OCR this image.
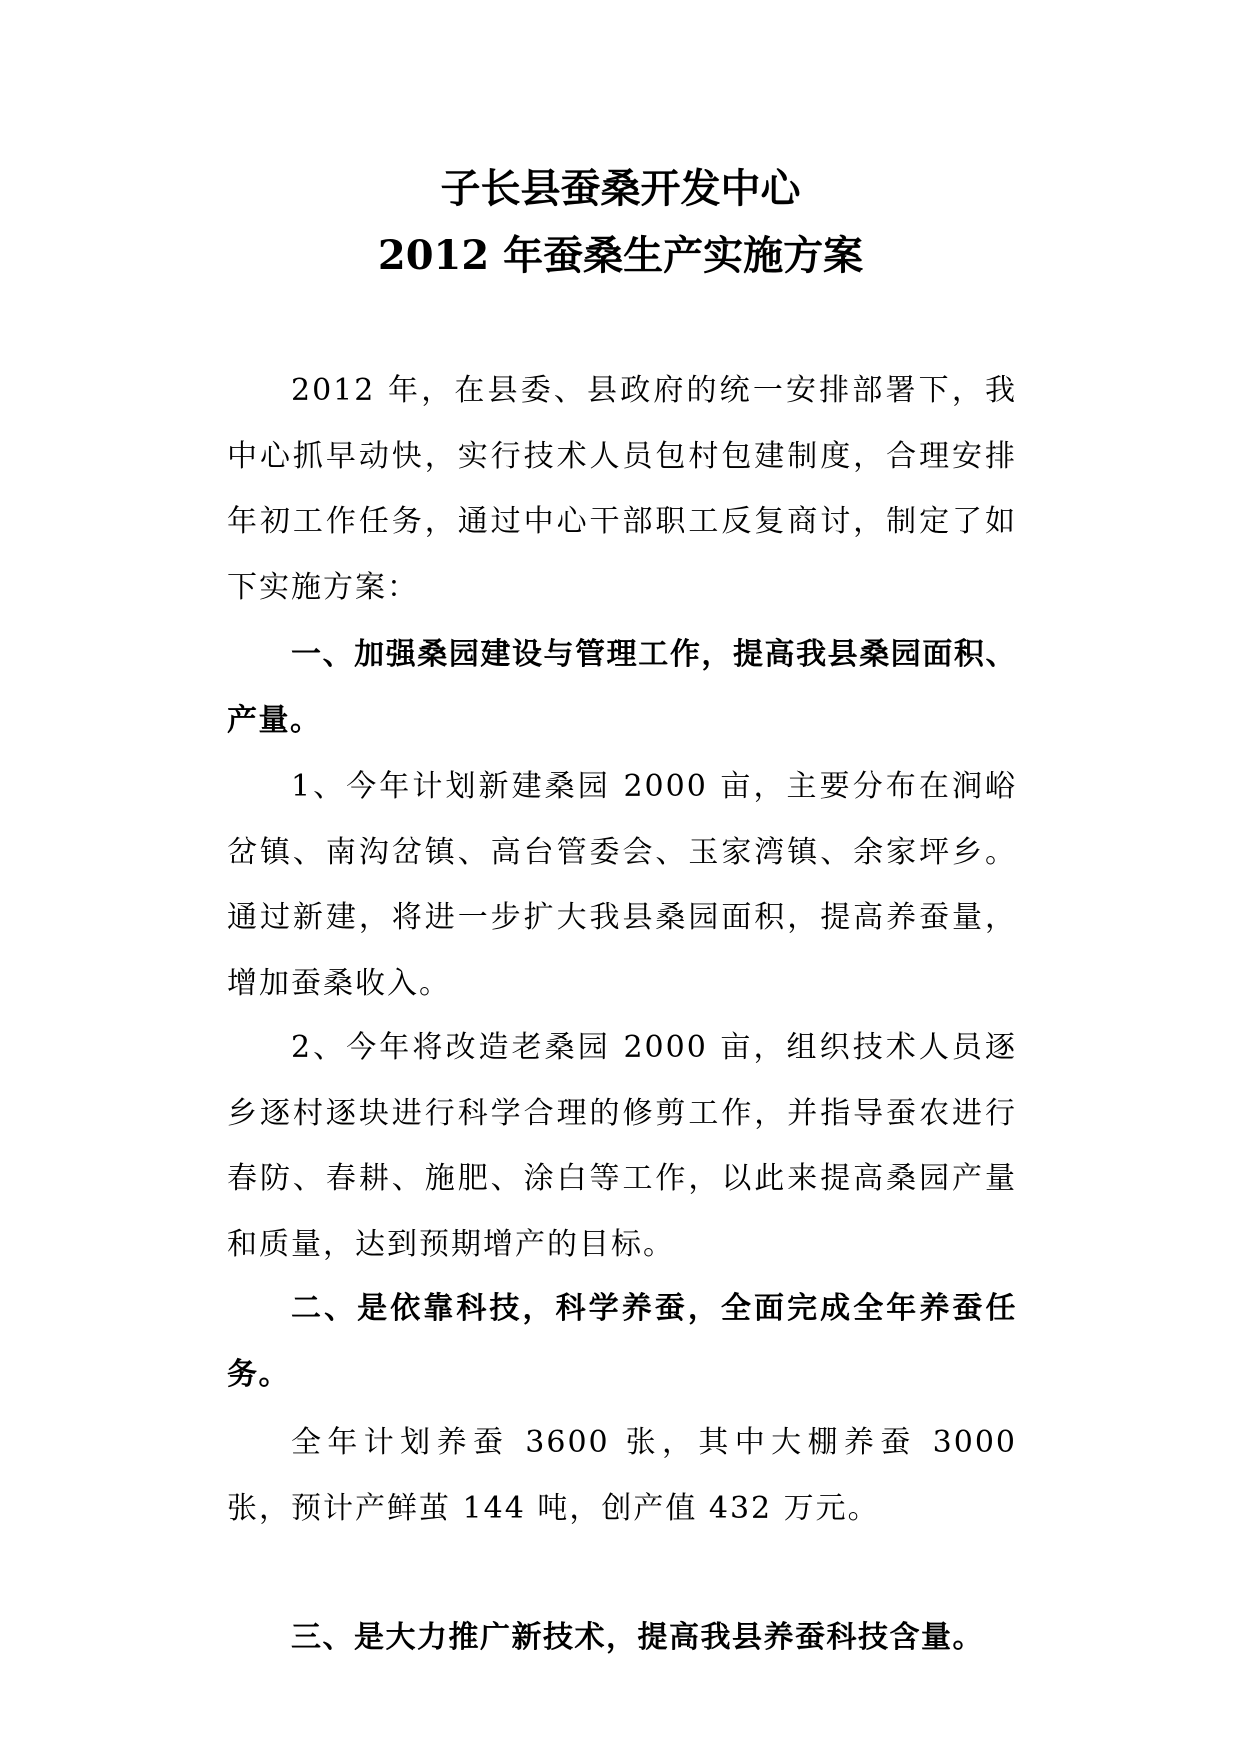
子长县蚕桑开发中心
2012 年蚕桑生产实施方案

2012 年，在县委、县政府的统一安排部署下，我中心抓早动快，实行技术人员包村包建制度，合理安排年初工作任务，通过中心干部职工反复商讨，制定了如下实施方案：

一、加强桑园建设与管理工作，提高我县桑园面积、产量。

1、今年计划新建桑园 2000 亩，主要分布在涧峪岔镇、南沟岔镇、高台管委会、玉家湾镇、余家坪乡。通过新建，将进一步扩大我县桑园面积，提高养蚕量，增加蚕桑收入。

2、今年将改造老桑园 2000 亩，组织技术人员逐乡逐村逐块进行科学合理的修剪工作，并指导蚕农进行春防、春耕、施肥、涂白等工作，以此来提高桑园产量和质量，达到预期增产的目标。

二、是依靠科技，科学养蚕，全面完成全年养蚕任务。

全年计划养蚕 3600 张，其中大棚养蚕 3000 张，预计产鲜茧 144 吨，创产值 432 万元。

三、是大力推广新技术，提高我县养蚕科技含量。
